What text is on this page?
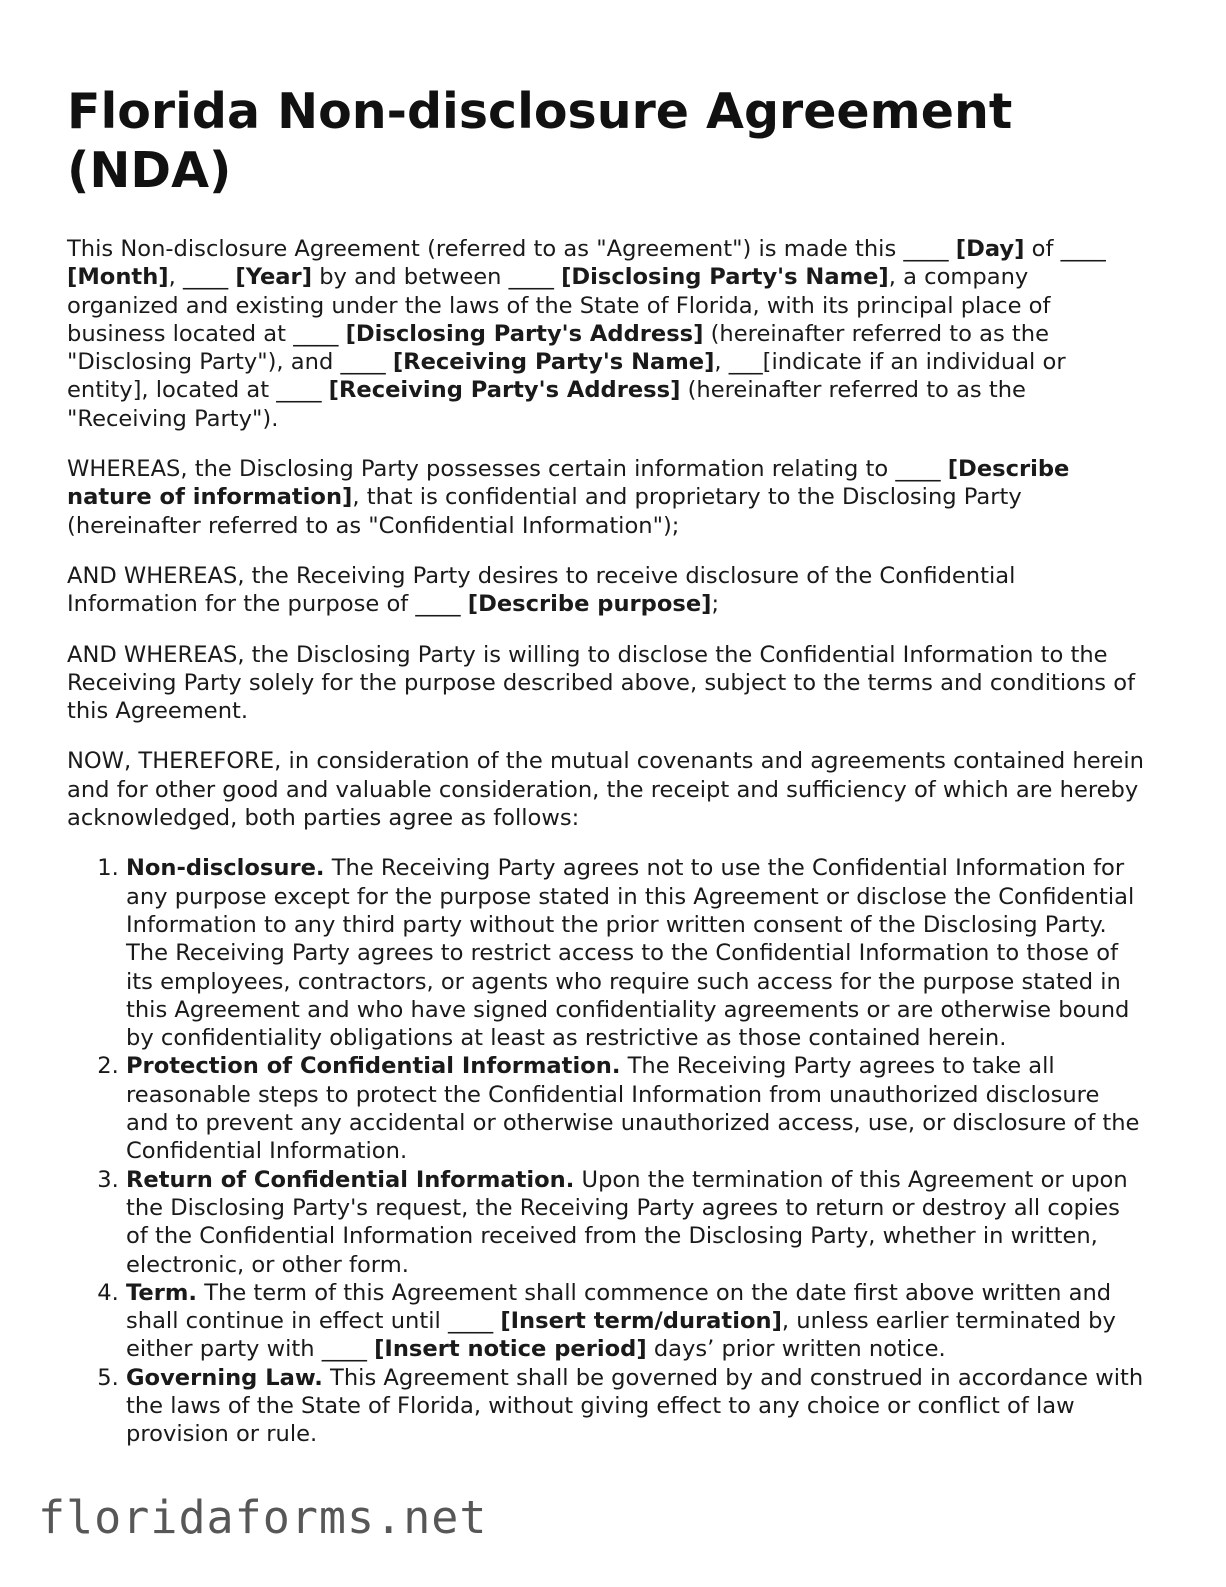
Florida Non-disclosure Agreement (NDA)

This Non-disclosure Agreement (referred to as "Agreement") is made this ____ [Day] of ____ [Month], ____ [Year] by and between ____ [Disclosing Party's Name], a company organized and existing under the laws of the State of Florida, with its principal place of business located at ____ [Disclosing Party's Address] (hereinafter referred to as the "Disclosing Party"), and ____ [Receiving Party's Name], ___[indicate if an individual or entity], located at ____ [Receiving Party's Address] (hereinafter referred to as the "Receiving Party").

WHEREAS, the Disclosing Party possesses certain information relating to ____ [Describe nature of information], that is confidential and proprietary to the Disclosing Party (hereinafter referred to as "Confidential Information");

AND WHEREAS, the Receiving Party desires to receive disclosure of the Confidential Information for the purpose of ____ [Describe purpose];

AND WHEREAS, the Disclosing Party is willing to disclose the Confidential Information to the Receiving Party solely for the purpose described above, subject to the terms and conditions of this Agreement.

NOW, THEREFORE, in consideration of the mutual covenants and agreements contained herein and for other good and valuable consideration, the receipt and sufficiency of which are hereby acknowledged, both parties agree as follows:

1. Non-disclosure. The Receiving Party agrees not to use the Confidential Information for any purpose except for the purpose stated in this Agreement or disclose the Confidential Information to any third party without the prior written consent of the Disclosing Party. The Receiving Party agrees to restrict access to the Confidential Information to those of its employees, contractors, or agents who require such access for the purpose stated in this Agreement and who have signed confidentiality agreements or are otherwise bound by confidentiality obligations at least as restrictive as those contained herein.
2. Protection of Confidential Information. The Receiving Party agrees to take all reasonable steps to protect the Confidential Information from unauthorized disclosure and to prevent any accidental or otherwise unauthorized access, use, or disclosure of the Confidential Information.
3. Return of Confidential Information. Upon the termination of this Agreement or upon the Disclosing Party's request, the Receiving Party agrees to return or destroy all copies of the Confidential Information received from the Disclosing Party, whether in written, electronic, or other form.
4. Term. The term of this Agreement shall commence on the date first above written and shall continue in effect until ____ [Insert term/duration], unless earlier terminated by either party with ____ [Insert notice period] days’ prior written notice.
5. Governing Law. This Agreement shall be governed by and construed in accordance with the laws of the State of Florida, without giving effect to any choice or conflict of law provision or rule.
floridaforms.net
